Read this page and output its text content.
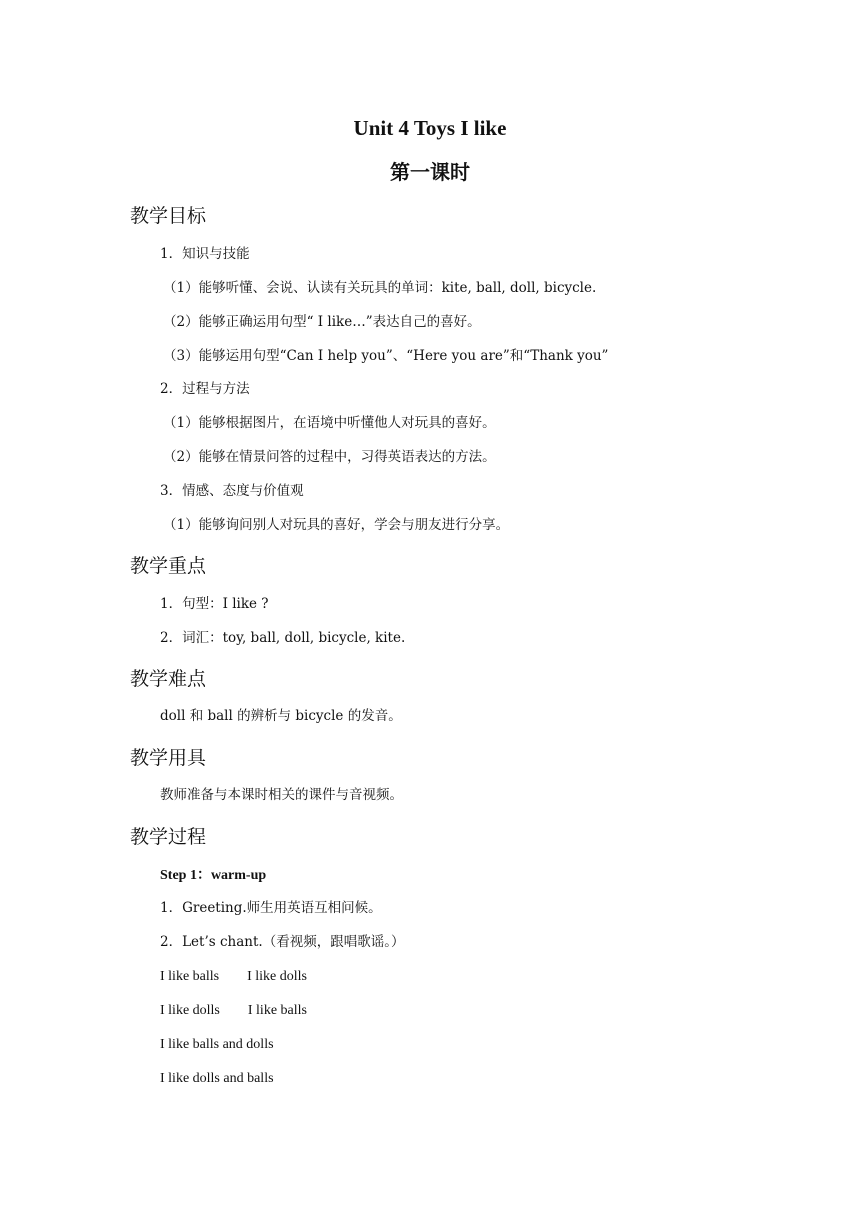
Unit 4 Toys I like
第一课时
教学目标
1．知识与技能
（1）能够听懂、会说、认读有关玩具的单词：kite, ball, doll, bicycle.
（2）能够正确运用句型“ I like…”表达自己的喜好。
（3）能够运用句型“Can I help you”、“Here you are”和“Thank you”
2．过程与方法
（1）能够根据图片，在语境中听懂他人对玩具的喜好。
（2）能够在情景问答的过程中，习得英语表达的方法。
3．情感、态度与价值观
（1）能够询问别人对玩具的喜好，学会与朋友进行分享。
教学重点
1．句型：I like ?
2．词汇：toy, ball, doll, bicycle, kite.
教学难点
doll 和 ball 的辨析与 bicycle 的发音。
教学用具
教师准备与本课时相关的课件与音视频。
教学过程
Step 1：warm-up
1．Greeting.师生用英语互相问候。
2．Let’s chant.（看视频，跟唱歌谣。）
I like balls        I like dolls
I like dolls        I like balls
I like balls and dolls
I like dolls and balls
